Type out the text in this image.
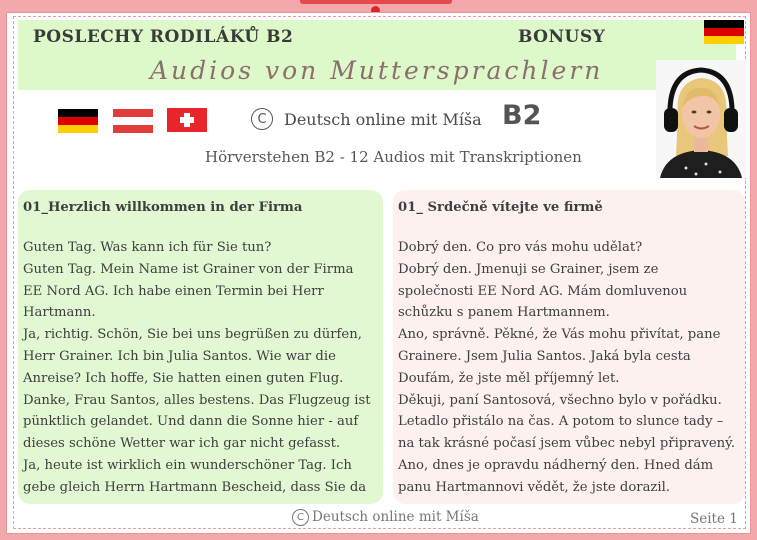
POSLECHY RODILÁKŮ B2	BONUSY
Audios von Muttersprachlern
C	Deutsch online mit Míša B2
Hörverstehen B2 - 12 Audios mit Transkriptionen
01_Herzlich willkommen in der Firma

Guten Tag. Was kann ich für Sie tun?

Guten Tag. Mein Name ist Grainer von der Firma

EE Nord AG. Ich habe einen Termin bei Herr

Hartmann.

Ja, richtig. Schön, Sie bei uns begrüßen zu dürfen,

Herr Grainer. Ich bin Julia Santos. Wie war die

Anreise? Ich hoffe, Sie hatten einen guten Flug.

Danke, Frau Santos, alles bestens. Das Flugzeug ist

pünktlich gelandet. Und dann die Sonne hier - auf

dieses schöne Wetter war ich gar nicht gefasst.

Ja, heute ist wirklich ein wunderschöner Tag. Ich

gebe gleich Herrn Hartmann Bescheid, dass Sie da

01_ Srdečně vítejte ve firmě

Dobrý den. Co pro vás mohu udělat?

Dobrý den. Jmenuji se Grainer, jsem ze

společnosti EE Nord AG. Mám domluvenou

schůzku s panem Hartmannem.

Ano, správně. Pěkné, že Vás mohu přivítat, pane

Grainere. Jsem Julia Santos. Jaká byla cesta

Doufám, že jste měl příjemný let.

Děkuji, paní Santosová, všechno bylo v pořádku.

Letadlo přistálo na čas. A potom to slunce tady –

na tak krásné počasí jsem vůbec nebyl připravený.

Ano, dnes je opravdu nádherný den. Hned dám

panu Hartmannovi vědět, že jste dorazil.

C Deutsch online mit Míša	Seite 1
